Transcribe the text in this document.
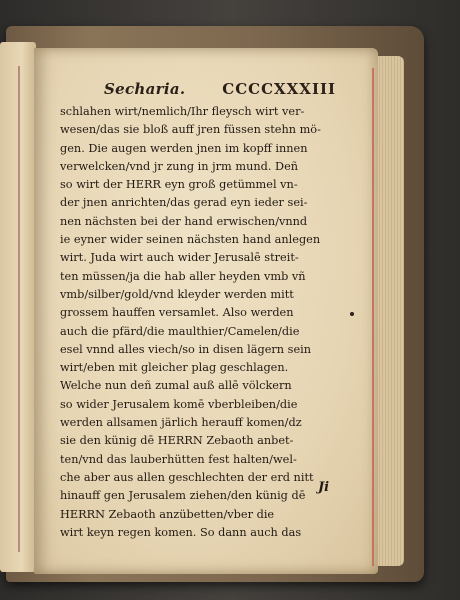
Secharia. CCCCXXXIII
schlahen wirt/nemlich/Ihr fleysch wirt ver-
wesen/das sie bloß auff jren füssen stehn mö-
gen. Die augen werden jnen im kopff innen
verwelcken/vnd jr zung in jrm mund. Deñ
so wirt der HERR eyn groß getümmel vn-
der jnen anrichten/das gerad eyn ieder sei-
nen nächsten bei der hand erwischen/vnnd
ie eyner wider seinen nächsten hand anlegen
wirt. Juda wirt auch wider Jerusalē streit-
ten müssen/ja die hab aller heyden vmb vñ
vmb/silber/gold/vnd kleyder werden mitt
grossem hauffen versamlet. Also werden
auch die pfärd/die maulthier/Camelen/die
esel vnnd alles viech/so in disen lägern sein
wirt/eben mit gleicher plag geschlagen.
Welche nun deñ zumal auß allē völckern
so wider Jerusalem komē vberbleiben/die
werden allsamen järlich herauff komen/dz
sie den künig dē HERRN Zebaoth anbet-
ten/vnd das lauberhütten fest halten/wel-
che aber aus allen geschlechten der erd nitt
hinauff gen Jerusalem ziehen/den künig dē
HERRN Zebaoth anzübetten/vber die
wirt keyn regen komen. So dann auch das
Ji
